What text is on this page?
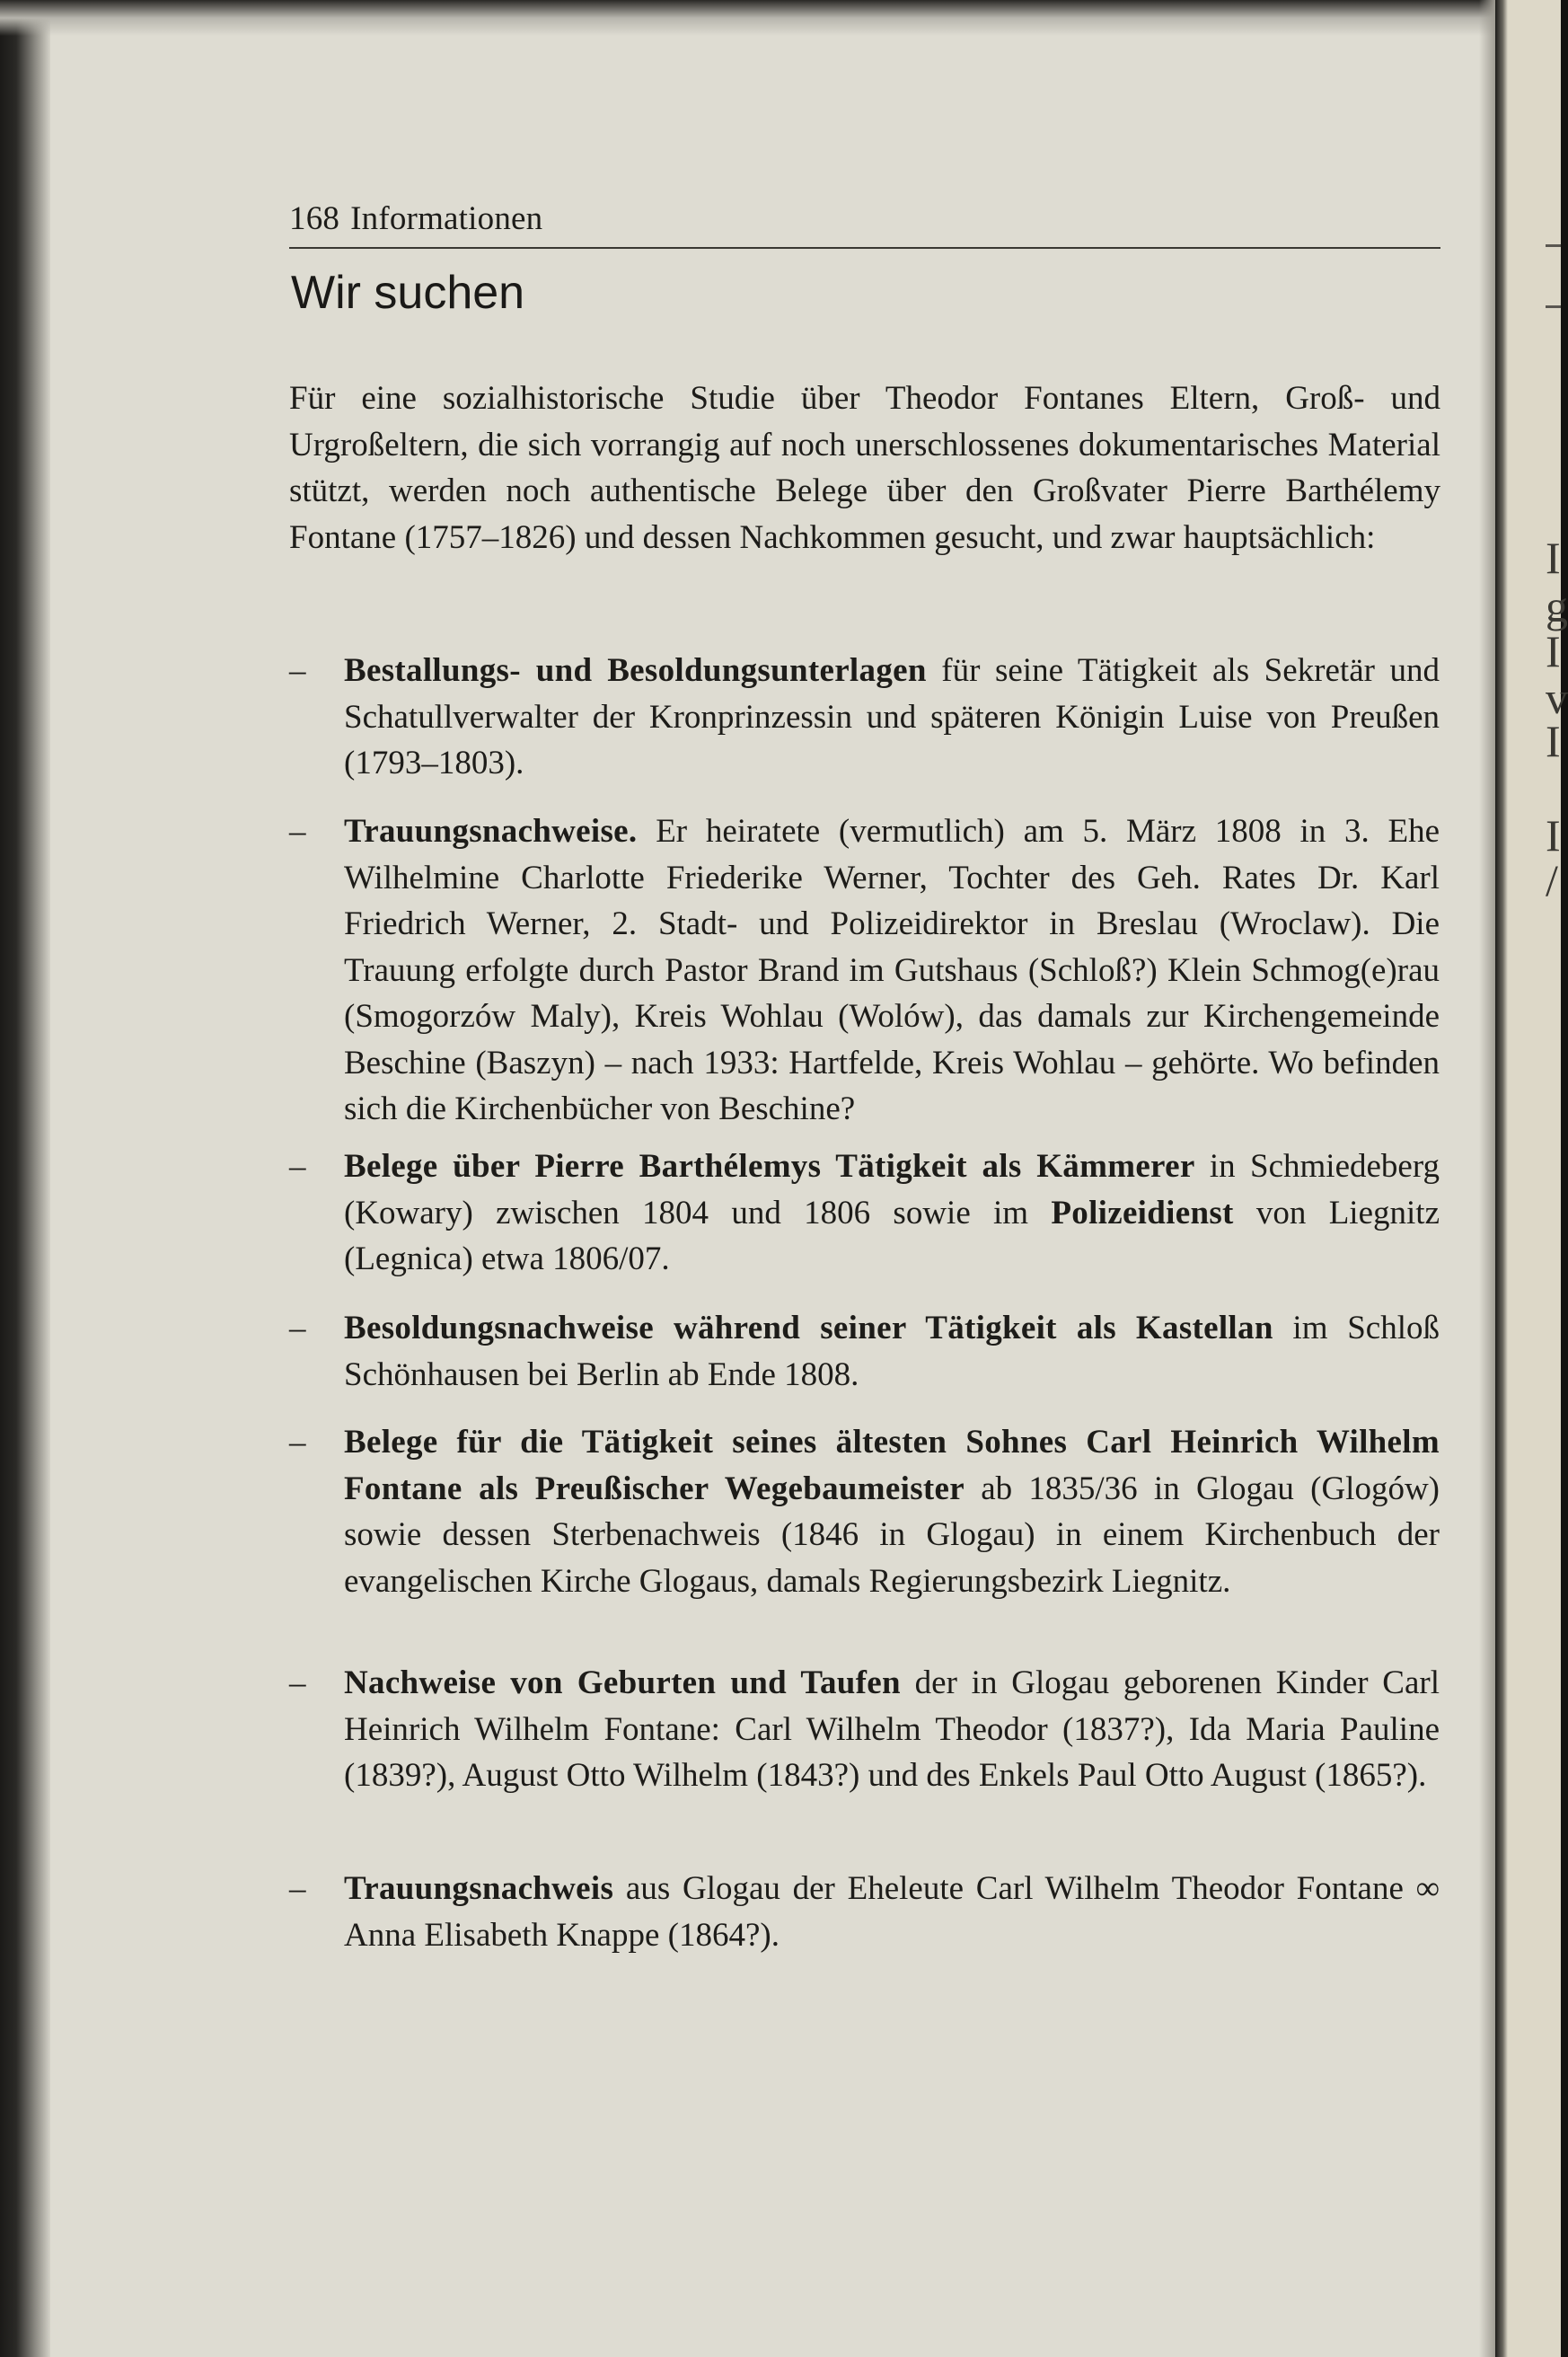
168 Informationen
Wir suchen
Für eine sozialhistorische Studie über Theodor Fontanes Eltern, Groß- und Urgroßeltern, die sich vorrangig auf noch unerschlossenes dokumentarisches Material stützt, werden noch authentische Belege über den Großvater Pierre Barthélemy Fontane (1757–1826) und dessen Nachkommen gesucht, und zwar hauptsächlich:
–	Bestallungs- und Besoldungsunterlagen für seine Tätigkeit als Sekretär und Schatullverwalter der Kronprinzessin und späteren Königin Luise von Preußen (1793–1803).
–	Trauungsnachweise. Er heiratete (vermutlich) am 5. März 1808 in 3. Ehe Wilhelmine Charlotte Friederike Werner, Tochter des Geh. Rates Dr. Karl Friedrich Werner, 2. Stadt- und Polizeidirektor in Breslau (Wroclaw). Die Trauung erfolgte durch Pastor Brand im Gutshaus (Schloß?) Klein Schmog(e)rau (Smogorzów Maly), Kreis Wohlau (Wolów), das damals zur Kirchengemeinde Beschine (Baszyn) – nach 1933: Hartfelde, Kreis Wohlau – gehörte. Wo befinden sich die Kirchenbücher von Beschine?
–	Belege über Pierre Barthélemys Tätigkeit als Kämmerer in Schmiedeberg (Kowary) zwischen 1804 und 1806 sowie im Polizeidienst von Liegnitz (Legnica) etwa 1806/07.
–	Besoldungsnachweise während seiner Tätigkeit als Kastellan im Schloß Schönhausen bei Berlin ab Ende 1808.
–	Belege für die Tätigkeit seines ältesten Sohnes Carl Heinrich Wilhelm Fontane als Preußischer Wegebaumeister ab 1835/36 in Glogau (Glogów) sowie dessen Sterbenachweis (1846 in Glogau) in einem Kirchenbuch der evangelischen Kirche Glogaus, damals Regierungsbezirk Liegnitz.
–	Nachweise von Geburten und Taufen der in Glogau geborenen Kinder Carl Heinrich Wilhelm Fontane: Carl Wilhelm Theodor (1837?), Ida Maria Pauline (1839?), August Otto Wilhelm (1843?) und des Enkels Paul Otto August (1865?).
–	Trauungsnachweis aus Glogau der Eheleute Carl Wilhelm Theodor Fontane ∞ Anna Elisabeth Knappe (1864?).
I
g
I
v
I
I
/
